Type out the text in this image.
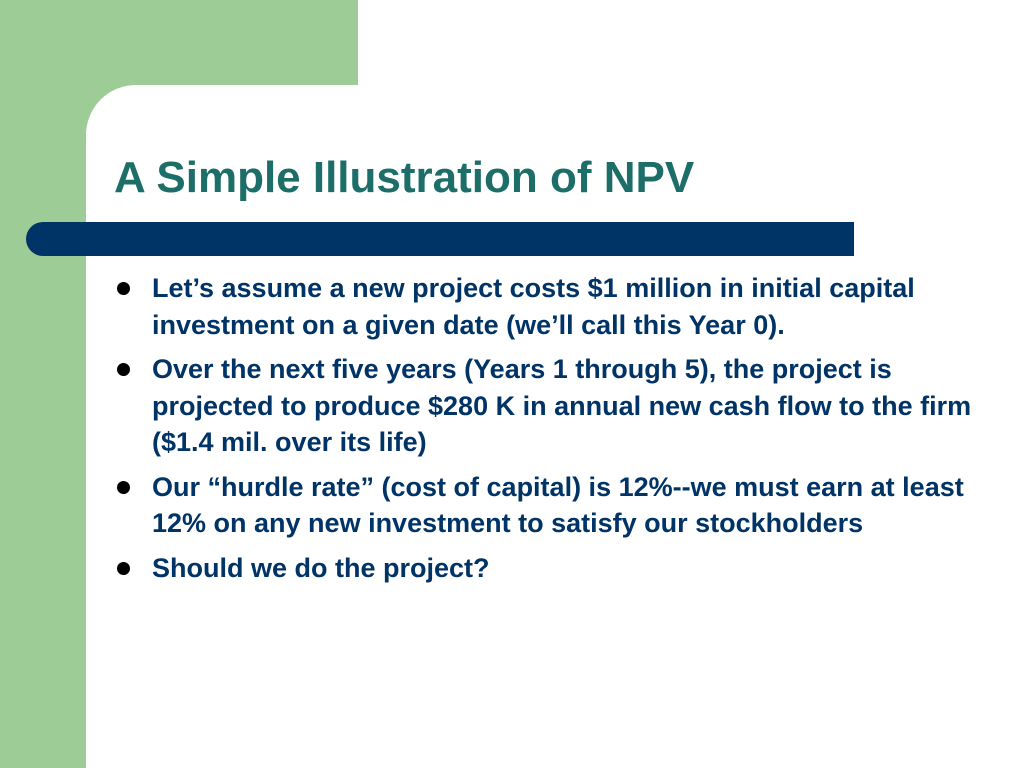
A Simple Illustration of NPV
Let’s assume a new project costs $1 million in initial capital investment on a given date (we’ll call this Year 0).
Over the next five years (Years 1 through 5), the project is projected to produce $280 K in annual new cash flow to the firm ($1.4 mil. over its life)
Our “hurdle rate” (cost of capital) is 12%--we must earn at least 12% on any new investment to satisfy our stockholders
Should we do the project?
